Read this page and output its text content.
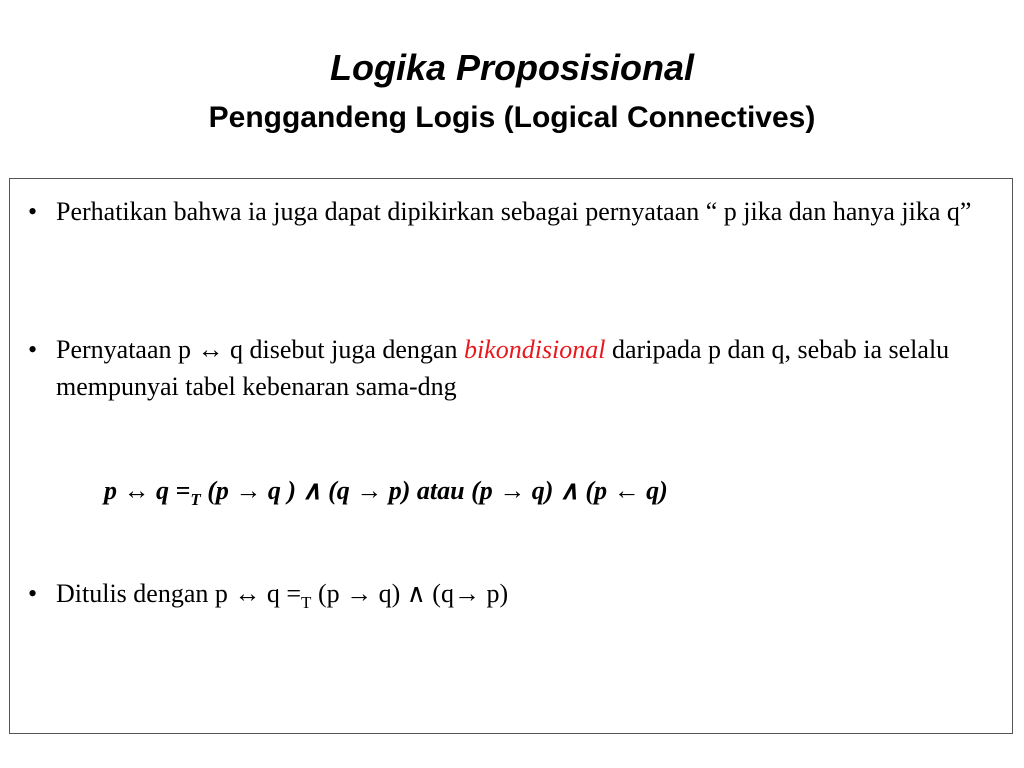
Logika Proposisional
Penggandeng Logis (Logical Connectives)
• Perhatikan bahwa ia juga dapat dipikirkan sebagai pernyataan “ p jika dan hanya jika q”
• Pernyataan p ↔ q disebut juga dengan bikondisional daripada p dan q, sebab ia selalu mempunyai tabel kebenaran sama-dng
p ↔ $q =_T$ (p → q ) ∧ (q → p) atau (p → q) ∧ (p ← q)
• Ditulis dengan p ↔ $q =_T$ (p → q) ∧ (q→ p)
